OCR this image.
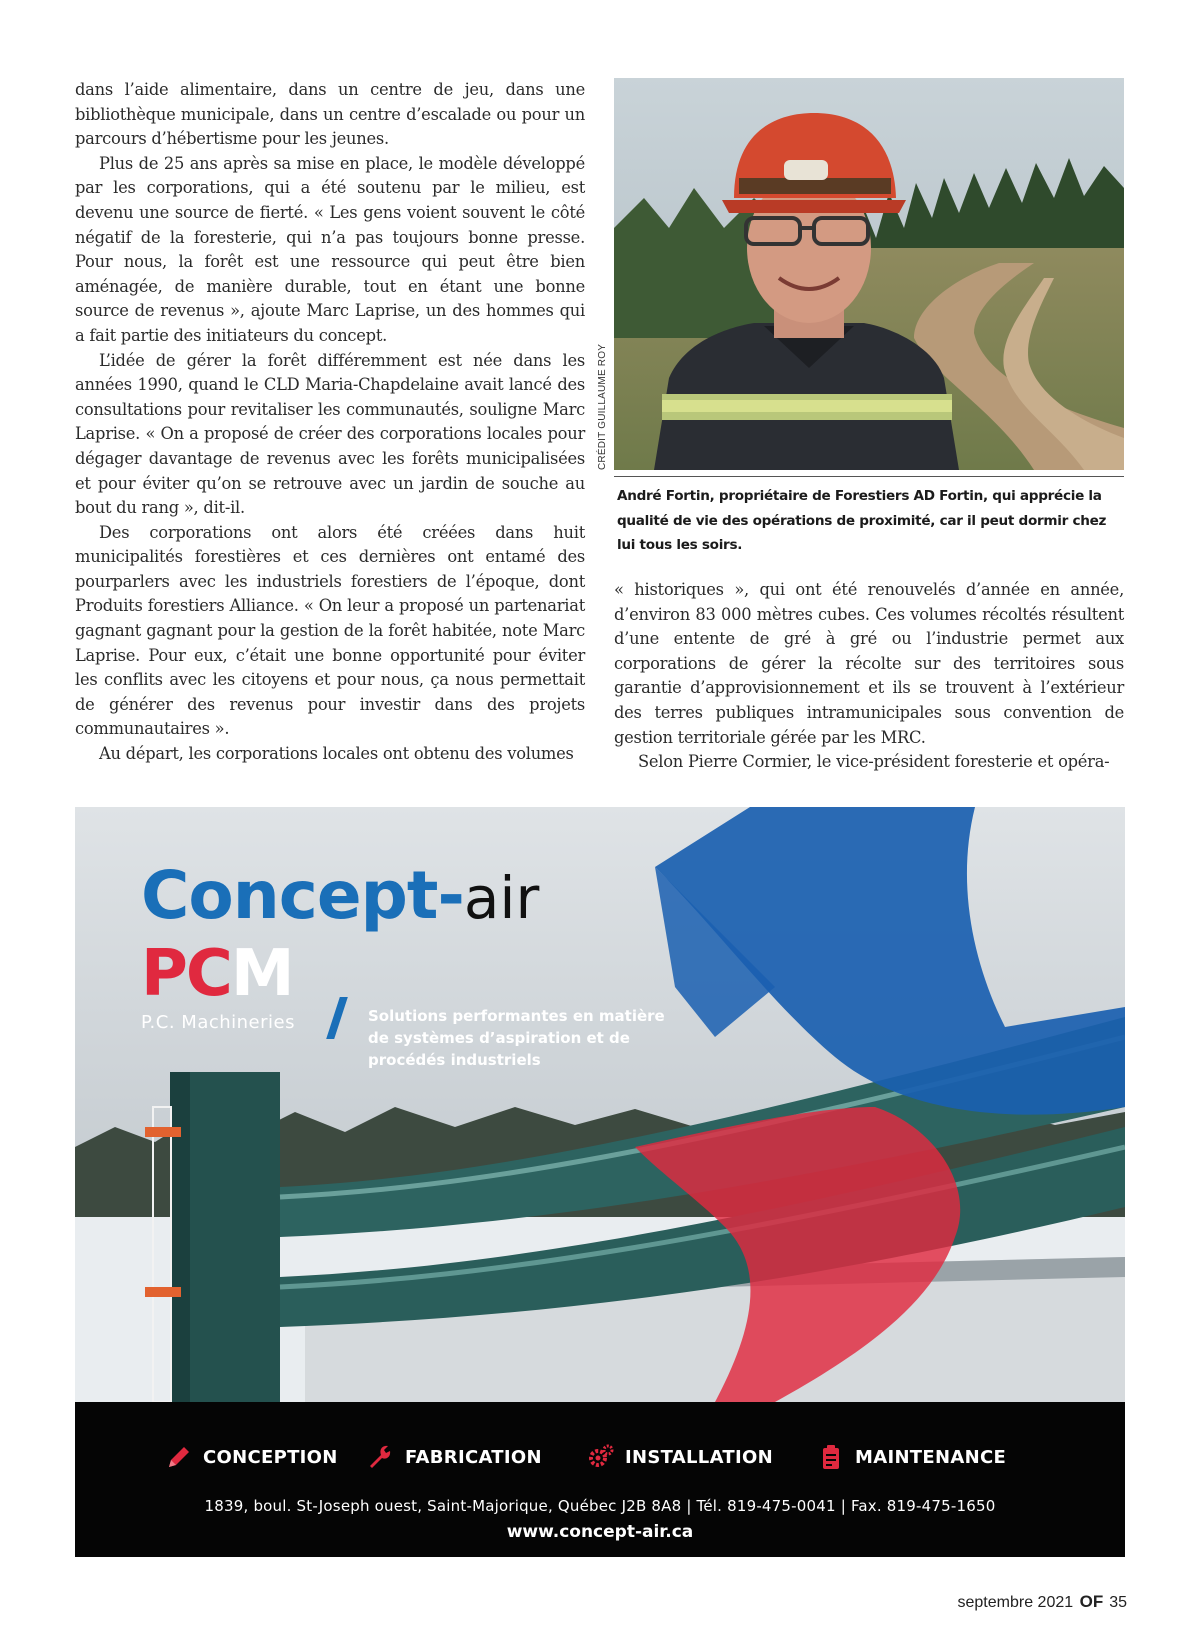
dans l’aide alimentaire, dans un centre de jeu, dans une bibliothèque municipale, dans un centre d’escalade ou pour un parcours d’hébertisme pour les jeunes.

Plus de 25 ans après sa mise en place, le modèle développé par les corporations, qui a été soutenu par le milieu, est devenu une source de fierté. « Les gens voient souvent le côté négatif de la foresterie, qui n’a pas toujours bonne presse. Pour nous, la forêt est une ressource qui peut être bien aménagée, de manière durable, tout en étant une bonne source de revenus », ajoute Marc Laprise, un des hommes qui a fait partie des initiateurs du concept.

L’idée de gérer la forêt différemment est née dans les années 1990, quand le CLD Maria-Chapdelaine avait lancé des consultations pour revitaliser les communautés, souligne Marc Laprise. « On a proposé de créer des corporations locales pour dégager davantage de revenus avec les forêts municipalisées et pour éviter qu’on se retrouve avec un jardin de souche au bout du rang », dit-il.

Des corporations ont alors été créées dans huit municipalités forestières et ces dernières ont entamé des pourparlers avec les industriels forestiers de l’époque, dont Produits forestiers Alliance. « On leur a proposé un partenariat gagnant gagnant pour la gestion de la forêt habitée, note Marc Laprise. Pour eux, c’était une bonne opportunité pour éviter les conflits avec les citoyens et pour nous, ça nous permettait de générer des revenus pour investir dans des projets communautaires ».

Au départ, les corporations locales ont obtenu des volumes

CRÉDIT GUILLAUME ROY
André Fortin, propriétaire de Forestiers AD Fortin, qui apprécie la qualité de vie des opérations de proximité, car il peut dormir chez lui tous les soirs.

« historiques », qui ont été renouvelés d’année en année, d’environ 83 000 mètres cubes. Ces volumes récoltés résultent d’une entente de gré à gré ou l’industrie permet aux corporations de gérer la récolte sur des territoires sous garantie d’approvisionnement et ils se trouvent à l’extérieur des terres publiques intramunicipales sous convention de gestion territoriale gérée par les MRC.

Selon Pierre Cormier, le vice-président foresterie et opéra-

Concept-air
PCM
P.C. Machineries	Solutions performantes en matière de systèmes d’aspiration et de procédés industriels
CONCEPTION	FABRICATION	INSTALLATION	MAINTENANCE
1839, boul. St-Joseph ouest, Saint-Majorique, Québec J2B 8A8 | Tél. 819-475-0041 | Fax. 819-475-1650
www.concept-air.ca
septembre 2021 OF 35
